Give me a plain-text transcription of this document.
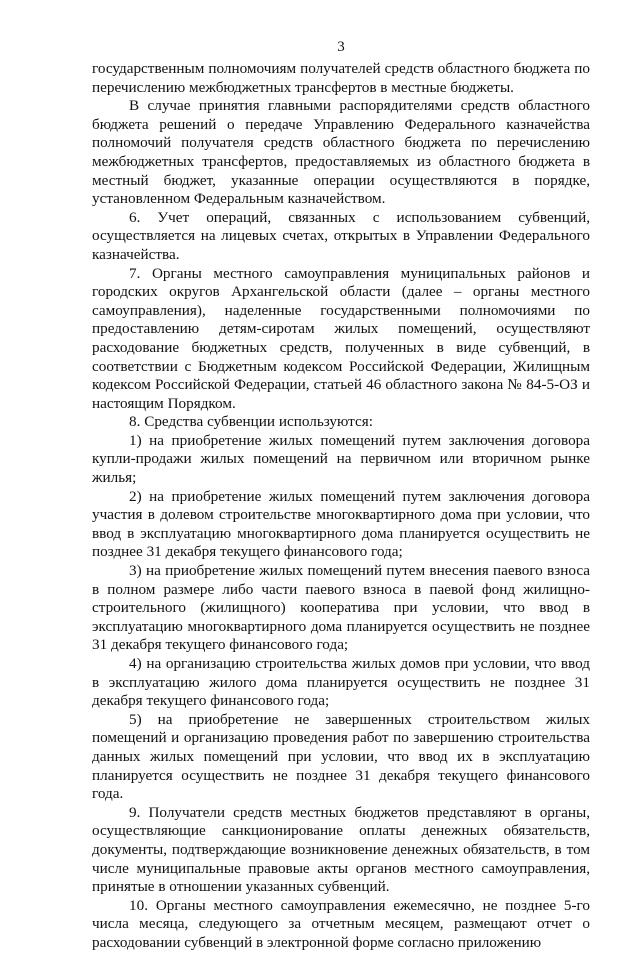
3

государственным полномочиям получателей средств областного бюджета по перечислению межбюджетных трансфертов в местные бюджеты.

В случае принятия главными распорядителями средств областного бюджета решений о передаче Управлению Федерального казначейства полномочий получателя средств областного бюджета по перечислению межбюджетных трансфертов, предоставляемых из областного бюджета в местный бюджет, указанные операции осуществляются в порядке, установленном Федеральным казначейством.

6. Учет операций, связанных с использованием субвенций, осуществляется на лицевых счетах, открытых в Управлении Федерального казначейства.

7. Органы местного самоуправления муниципальных районов и городских округов Архангельской области (далее – органы местного самоуправления), наделенные государственными полномочиями по предоставлению детям-сиротам жилых помещений, осуществляют расходование бюджетных средств, полученных в виде субвенций, в соответствии с Бюджетным кодексом Российской Федерации, Жилищным кодексом Российской Федерации, статьей 46 областного закона № 84-5-ОЗ и настоящим Порядком.

8. Средства субвенции используются:

1) на приобретение жилых помещений путем заключения договора купли-продажи жилых помещений на первичном или вторичном рынке жилья;

2) на приобретение жилых помещений путем заключения договора участия в долевом строительстве многоквартирного дома при условии, что ввод в эксплуатацию многоквартирного дома планируется осуществить не позднее 31 декабря текущего финансового года;

3) на приобретение жилых помещений путем внесения паевого взноса в полном размере либо части паевого взноса в паевой фонд жилищно-строительного (жилищного) кооператива при условии, что ввод в эксплуатацию многоквартирного дома планируется осуществить не позднее 31 декабря текущего финансового года;

4) на организацию строительства жилых домов при условии, что ввод в эксплуатацию жилого дома планируется осуществить не позднее 31 декабря текущего финансового года;

5) на приобретение не завершенных строительством жилых помещений и организацию проведения работ по завершению строительства данных жилых помещений при условии, что ввод их в эксплуатацию планируется осуществить не позднее 31 декабря текущего финансового года.

9. Получатели средств местных бюджетов представляют в органы, осуществляющие санкционирование оплаты денежных обязательств, документы, подтверждающие возникновение денежных обязательств, в том числе муниципальные правовые акты органов местного самоуправления, принятые в отношении указанных субвенций.

10. Органы местного самоуправления ежемесячно, не позднее 5-го числа месяца, следующего за отчетным месяцем, размещают отчет о расходовании субвенций в электронной форме согласно приложению
